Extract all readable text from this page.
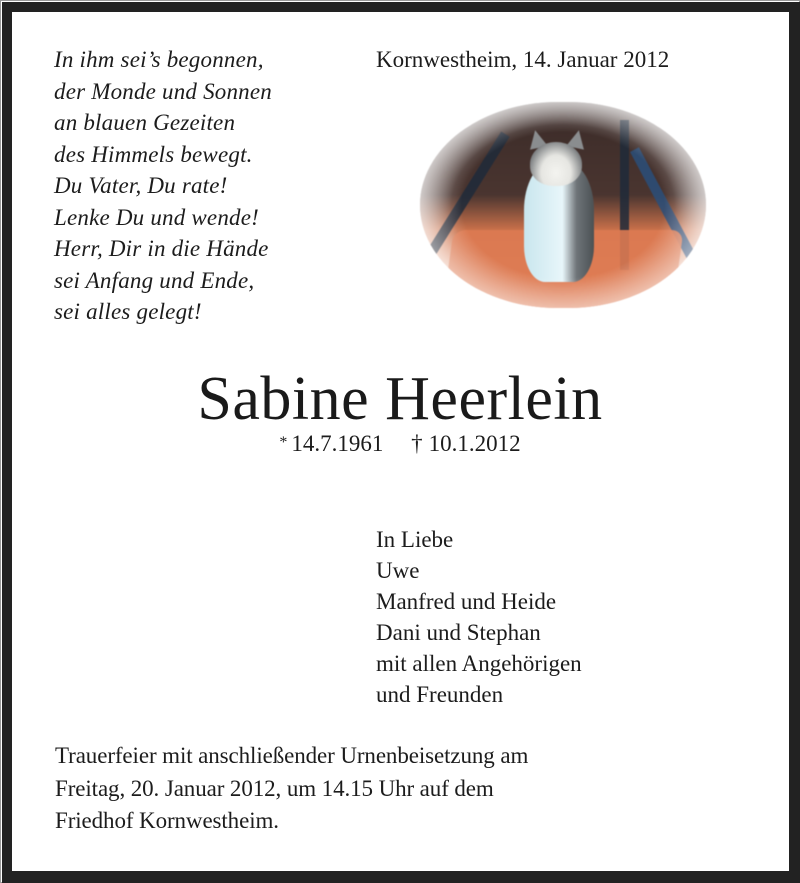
In ihm sei’s begonnen,
der Monde und Sonnen
an blauen Gezeiten
des Himmels bewegt.
Du Vater, Du rate!
Lenke Du und wende!
Herr, Dir in die Hände
sei Anfang und Ende,
sei alles gelegt!
Kornwestheim, 14. Januar 2012
Sabine Heerlein
* 14.7.1961 † 10.1.2012
In Liebe
Uwe
Manfred und Heide
Dani und Stephan
mit allen Angehörigen
und Freunden
Trauerfeier mit anschließender Urnenbeisetzung am
Freitag, 20. Januar 2012, um 14.15 Uhr auf dem
Friedhof Kornwestheim.
